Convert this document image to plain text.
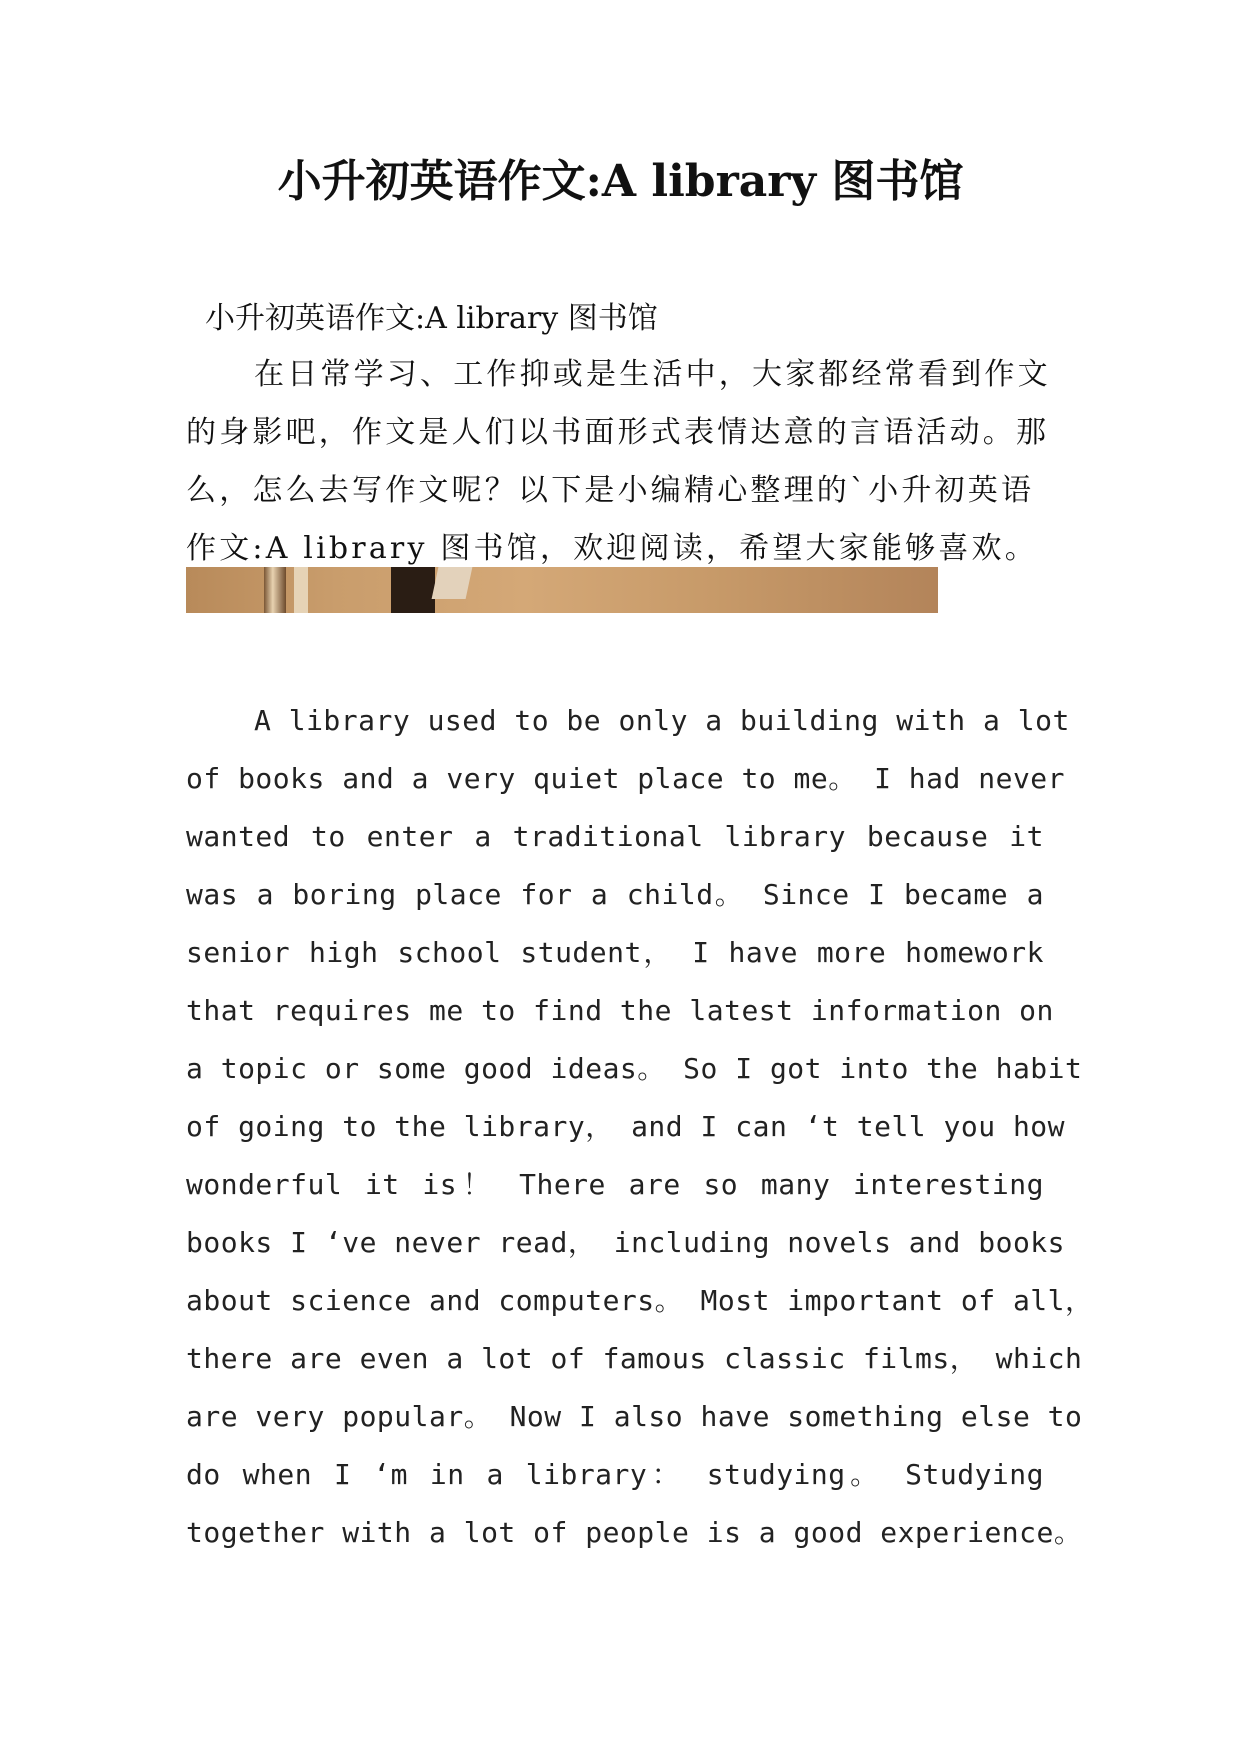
小升初英语作文:A library 图书馆
小升初英语作文:A library 图书馆
在日常学习、工作抑或是生活中，大家都经常看到作文
的身影吧，作文是人们以书面形式表情达意的言语活动。那
么，怎么去写作文呢？以下是小编精心整理的`小升初英语
作文:A library 图书馆，欢迎阅读，希望大家能够喜欢。
A library used to be only a building with a lot
of books and a very quiet place to me。 I had never
wanted to enter a traditional library because it
was a boring place for a child。 Since I became a
senior high school student， I have more homework
that requires me to find the latest information on
a topic or some good ideas。 So I got into the habit
of going to the library， and I can ‘t tell you how
wonderful it is！ There are so many interesting
books I ‘ve never read， including novels and books
about science and computers。 Most important of all，
there are even a lot of famous classic films， which
are very popular。 Now I also have something else to
do when I ‘m in a library： studying。 Studying
together with a lot of people is a good experience。
